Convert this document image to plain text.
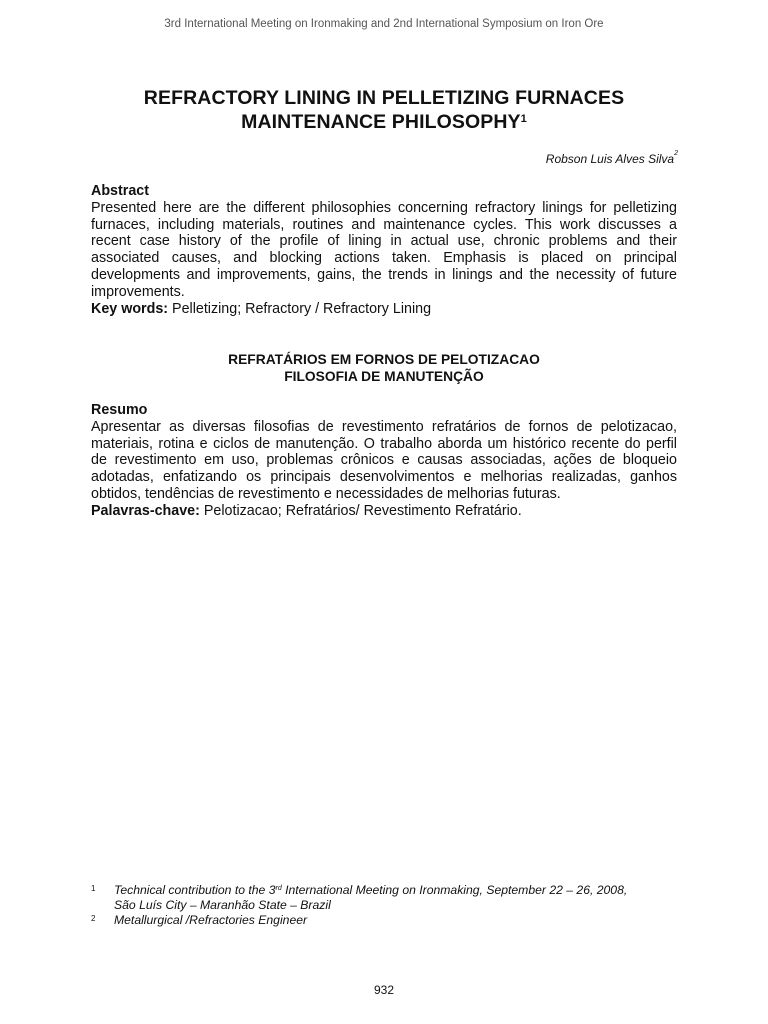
3rd International Meeting on Ironmaking and 2nd International Symposium on Iron Ore
REFRACTORY LINING IN PELLETIZING FURNACES
MAINTENANCE PHILOSOPHY$^1$
Robson Luis Alves Silva$^2$
Abstract
Presented here are the different philosophies concerning refractory linings for pelletizing furnaces, including materials, routines and maintenance cycles. This work discusses a recent case history of the profile of lining in actual use, chronic problems and their associated causes, and blocking actions taken. Emphasis is placed on principal developments and improvements, gains, the trends in linings and the necessity of future improvements.
Key words: Pelletizing; Refractory / Refractory Lining
REFRATÁRIOS EM FORNOS DE PELOTIZACAO
FILOSOFIA DE MANUTENÇÃO
Resumo
Apresentar as diversas filosofias de revestimento refratários de fornos de pelotizacao, materiais, rotina e ciclos de manutenção. O trabalho aborda um histórico recente do perfil de revestimento em uso, problemas crônicos e causas associadas, ações de bloqueio adotadas, enfatizando os principais desenvolvimentos e melhorias realizadas, ganhos obtidos, tendências de revestimento e necessidades de melhorias futuras.
Palavras-chave: Pelotizacao; Refratários/ Revestimento Refratário.
1	Technical contribution to the 3rd International Meeting on Ironmaking, September 22 – 26, 2008,
São Luís City – Maranhão State – Brazil
2	Metallurgical /Refractories Engineer
932
